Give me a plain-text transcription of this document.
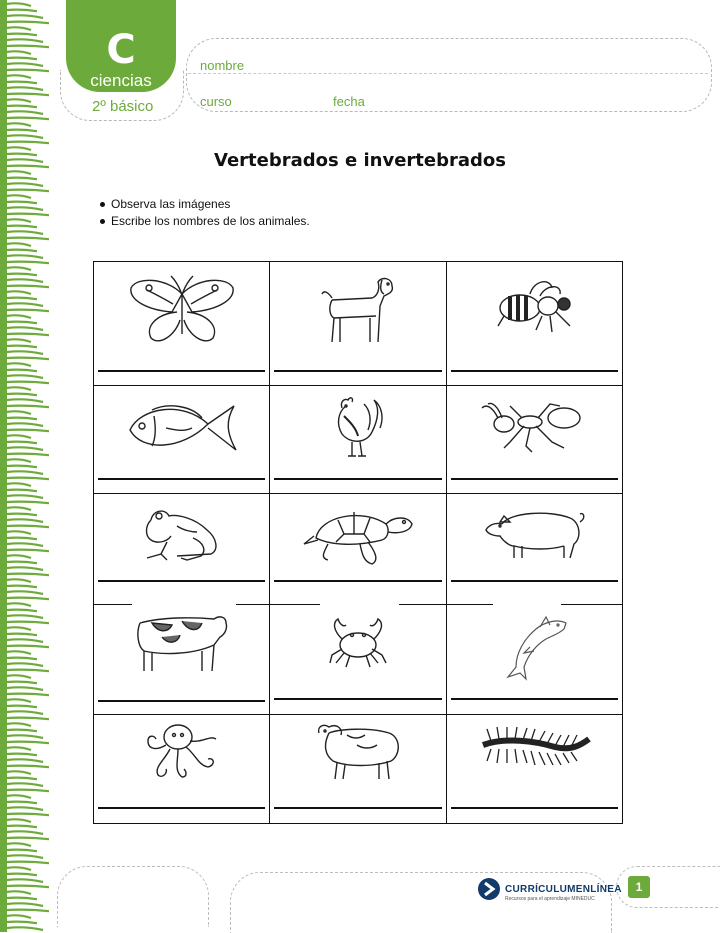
C
ciencias
2º básico
nombre
curso	fecha
Vertebrados e invertebrados
Observa las imágenes
Escribe los nombres de los animales.
CURRÍCULUMENLÍNEA
Recursos para el aprendizaje MINEDUC
1
